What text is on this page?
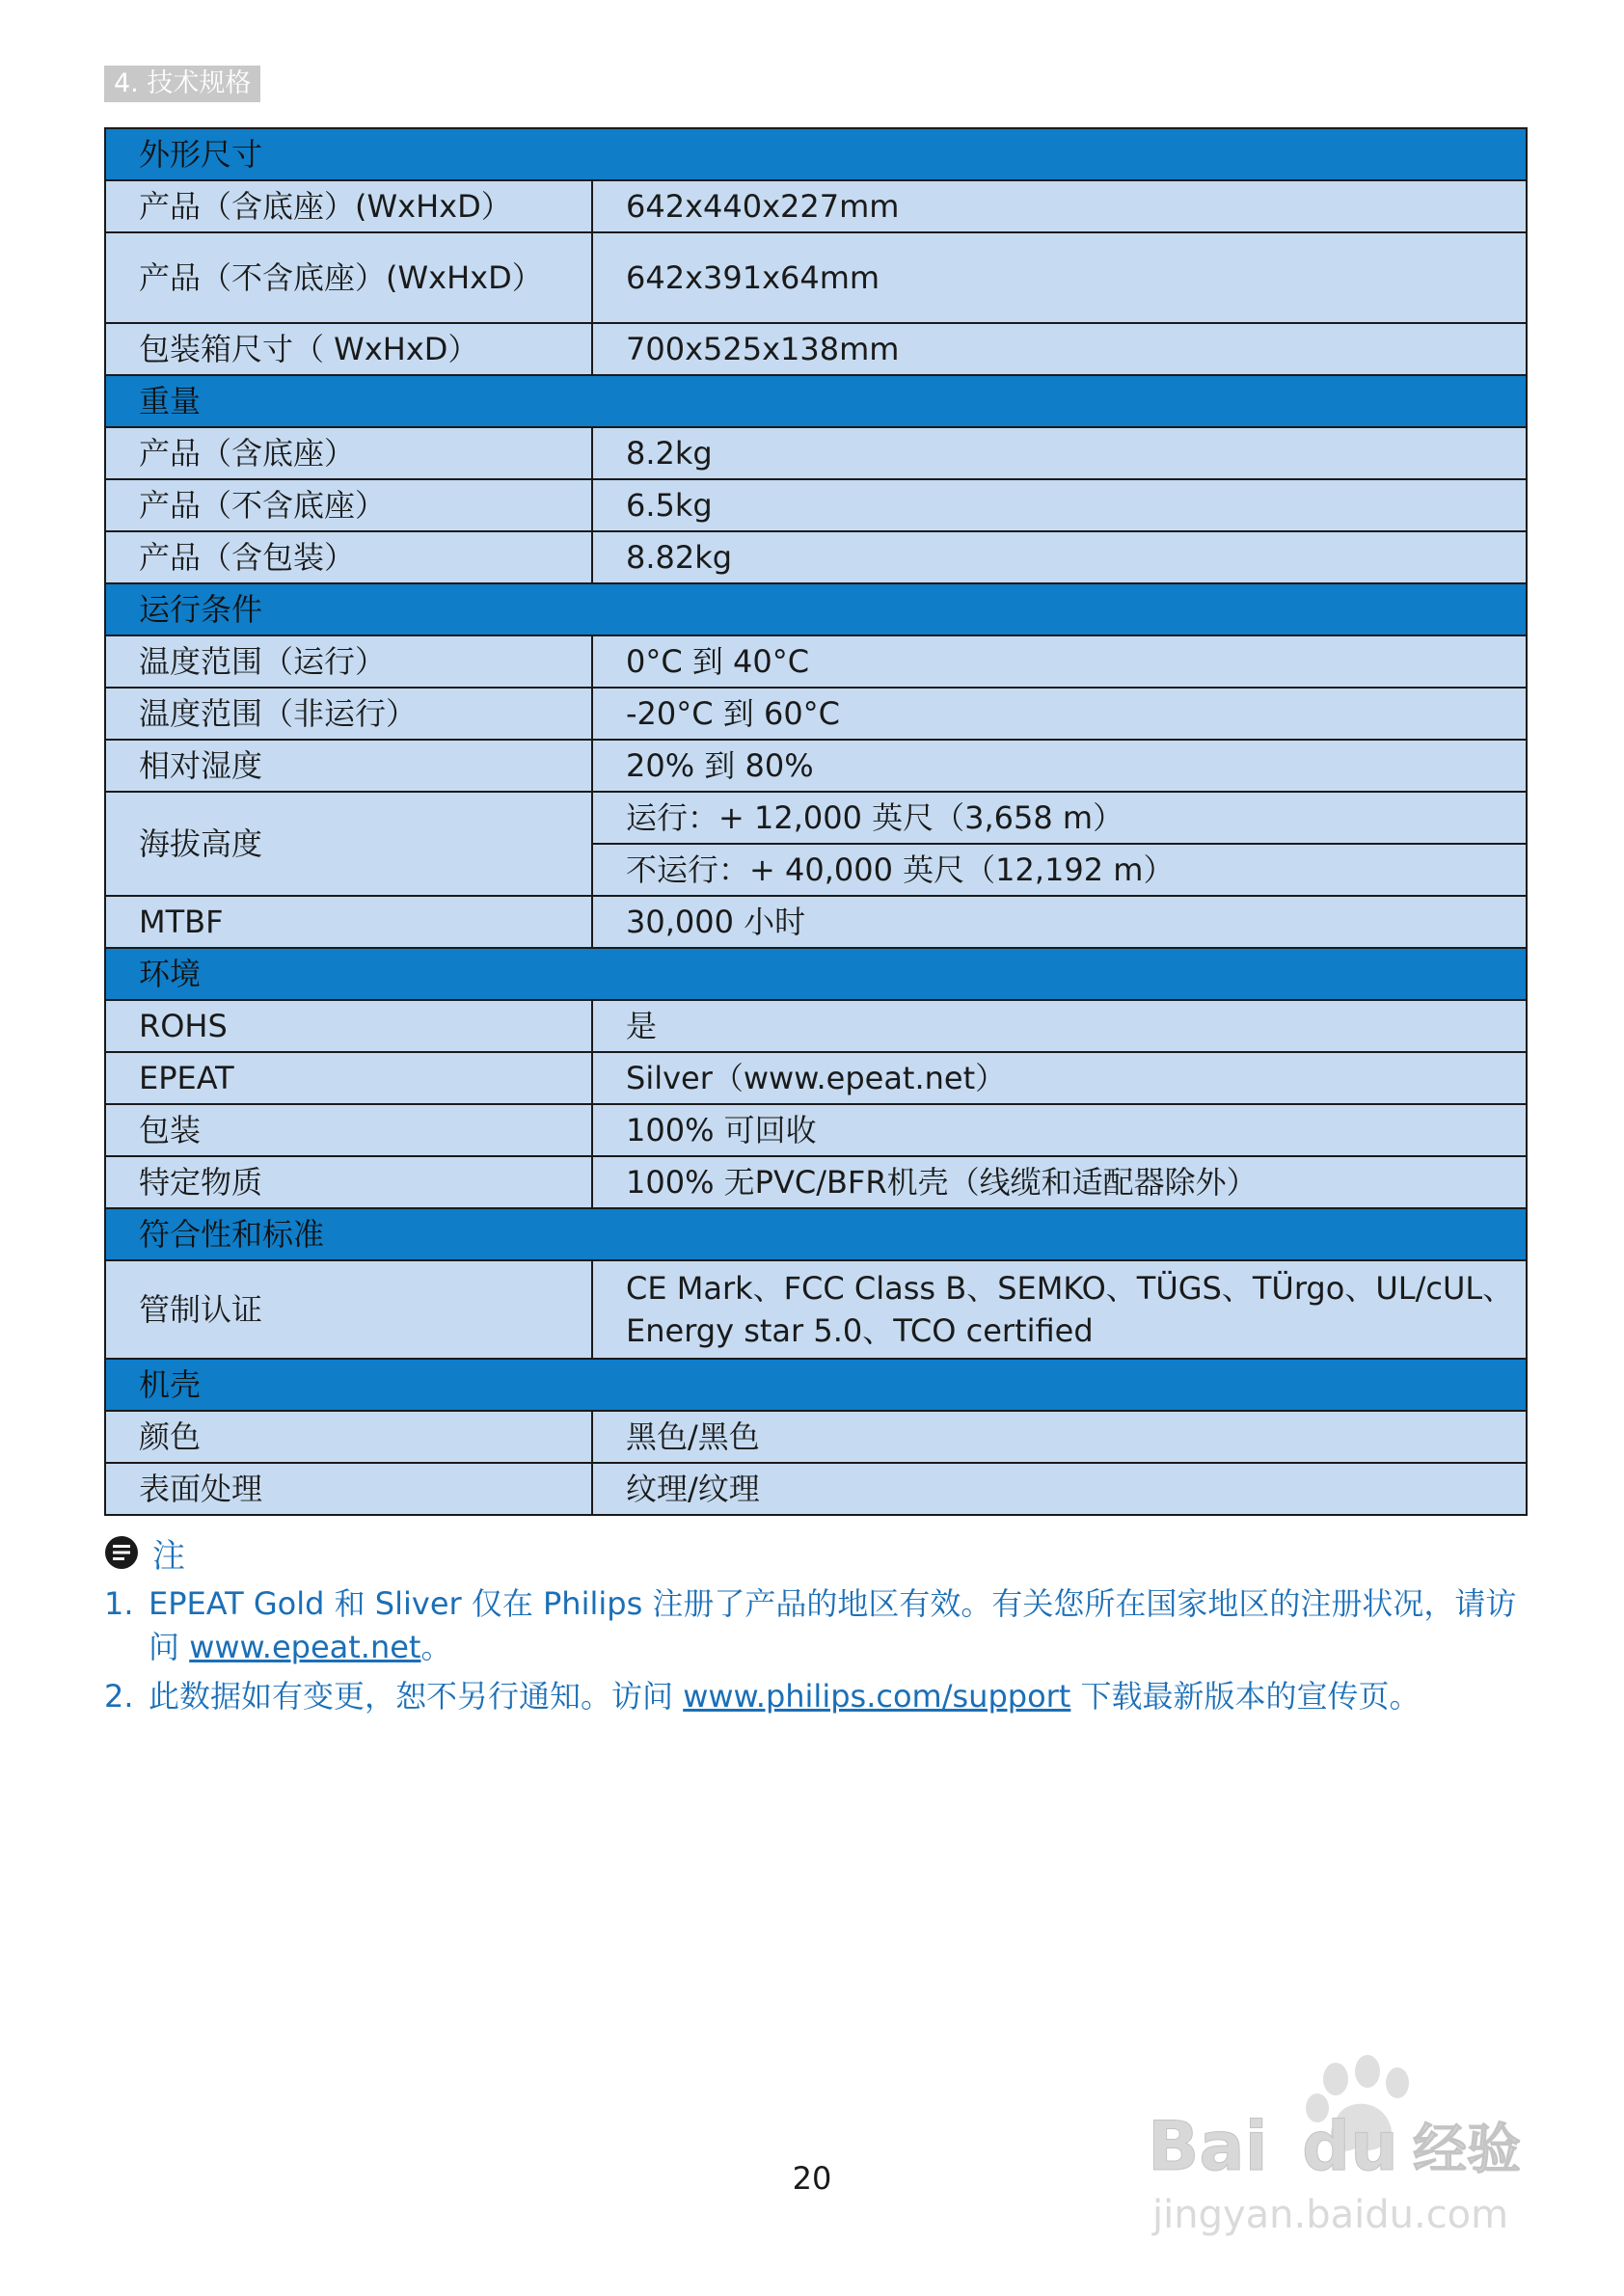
4. 技术规格
外形尺寸	
产品（含底座）(WxHxD）	642x440x227mm
产品（不含底座）(WxHxD）	642x391x64mm
包装箱尺寸（ WxHxD）	700x525x138mm
重量	
产品（含底座）	8.2kg
产品（不含底座）	6.5kg
产品（含包装）	8.82kg
运行条件	
温度范围（运行）	0°C 到 40°C
温度范围（非运行）	-20°C 到 60°C
相对湿度	20% 到 80%
海拔高度	运行：+ 12,000 英尺（3,658 m）
	不运行：+ 40,000 英尺（12,192 m）
MTBF	30,000 小时
环境	
ROHS	是
EPEAT	Silver（www.epeat.net）
包装	100% 可回收
特定物质	100% 无PVC/BFR机壳（线缆和适配器除外）
符合性和标准	
管制认证	CE Mark、FCC Class B、SEMKO、TÜGS、TÜrgo、UL/cUL、Energy star 5.0、TCO certified
机壳	
颜色	黑色/黑色
表面处理	纹理/纹理
注
1. EPEAT Gold 和 Sliver 仅在 Philips 注册了产品的地区有效。有关您所在国家地区的注册状况，请访问 www.epeat.net。
2. 此数据如有变更，恕不另行通知。访问 www.philips.com/support 下载最新版本的宣传页。
20	Bai du 经验
jingyan.baidu.com
